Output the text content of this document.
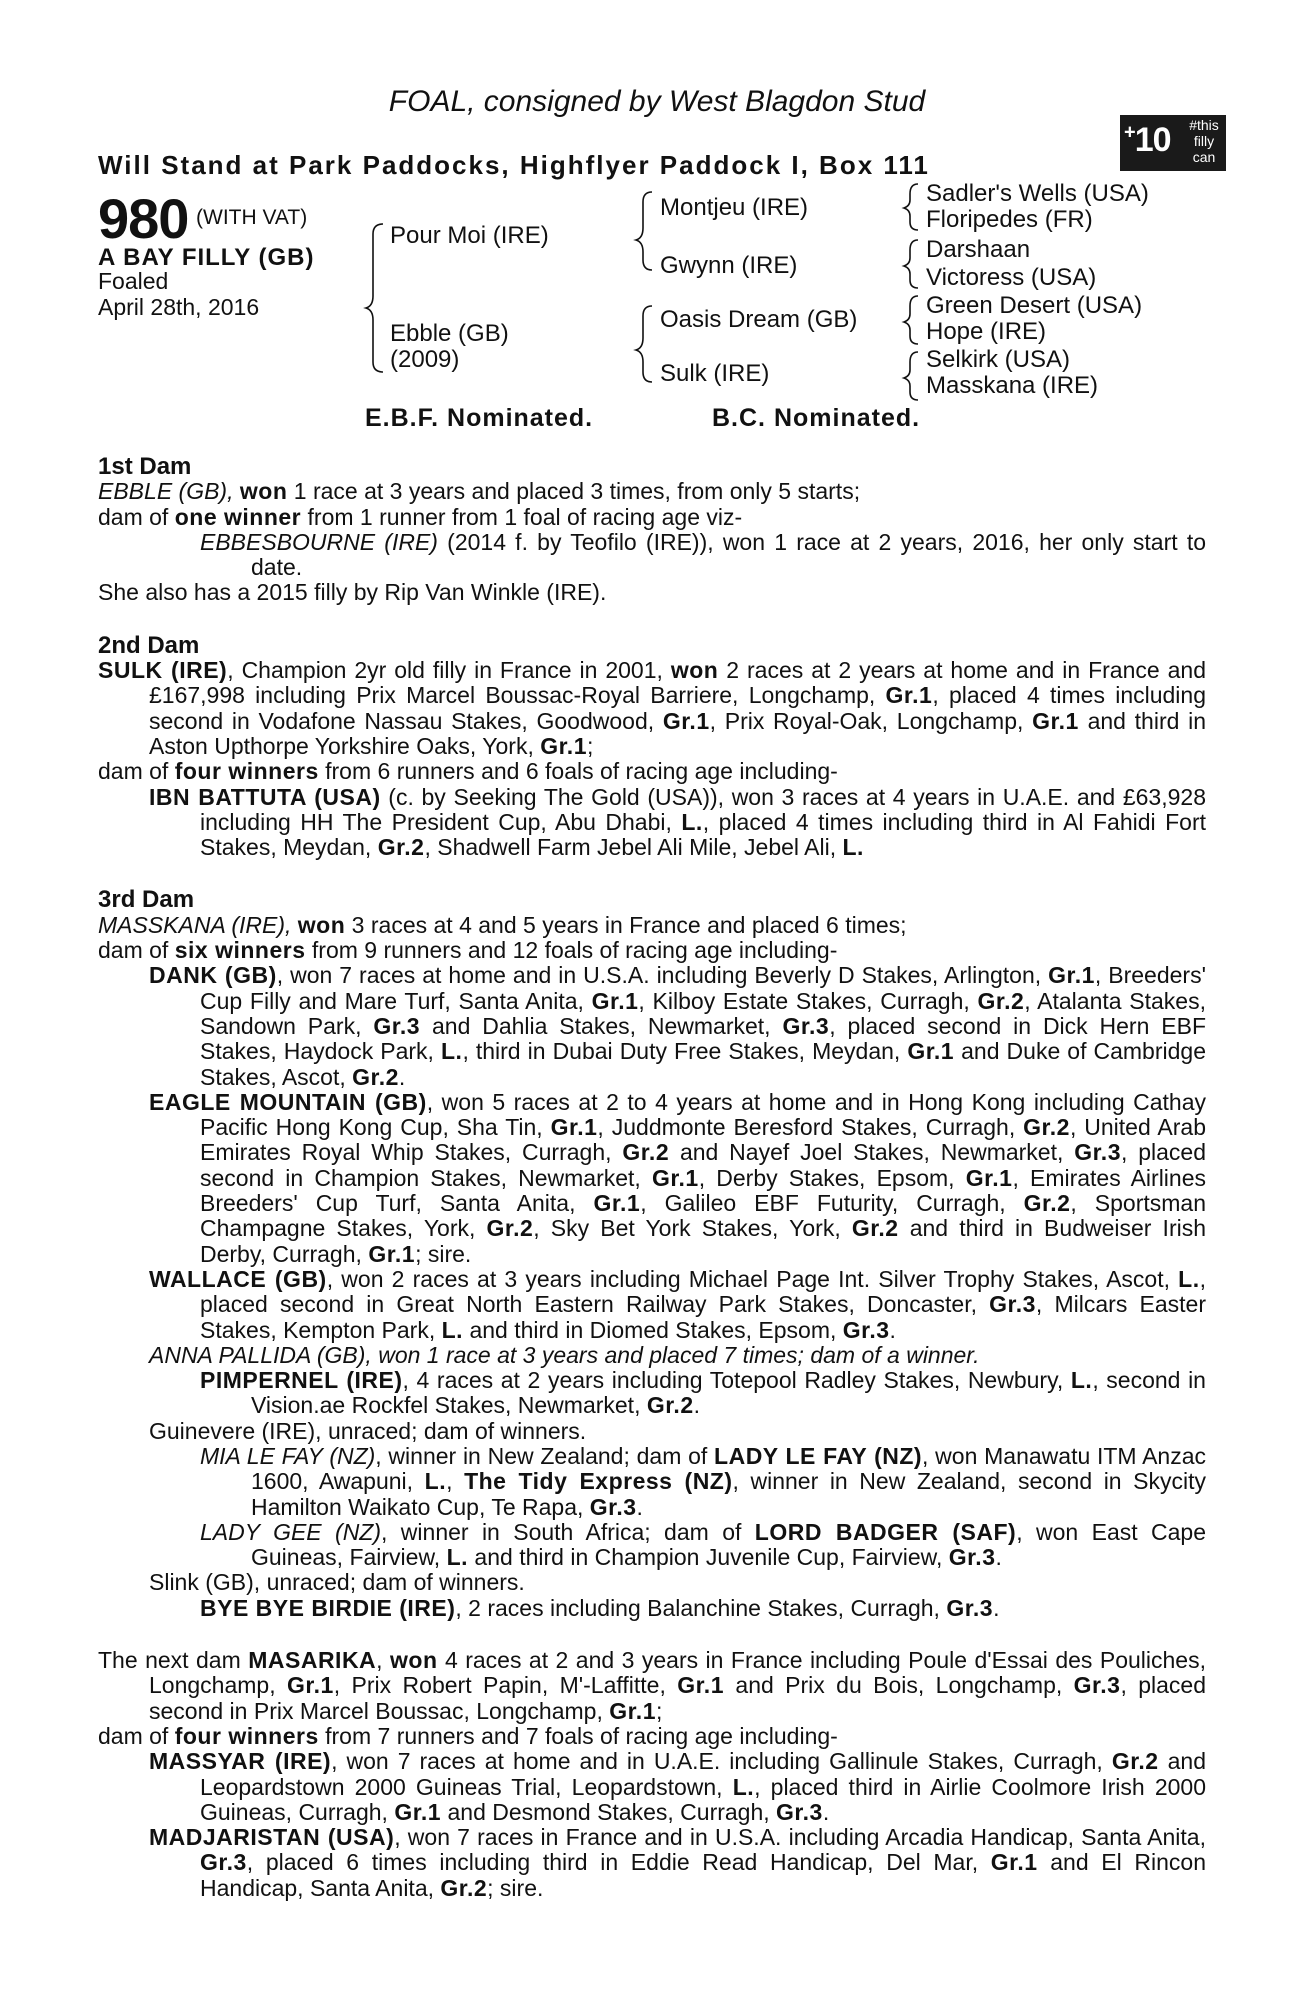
FOAL, consigned by West Blagdon Stud
Will Stand at Park Paddocks, Highflyer Paddock I, Box 111
+10	#this filly can
980 (WITH VAT)
A BAY FILLY (GB)
Foaled
April 28th, 2016
Pour Moi (IRE)
Ebble (GB)
(2009)
Montjeu (IRE)
Gwynn (IRE)
Oasis Dream (GB)
Sulk (IRE)
Sadler's Wells (USA)
Floripedes (FR)
Darshaan
Victoress (USA)
Green Desert (USA)
Hope (IRE)
Selkirk (USA)
Masskana (IRE)
E.B.F. Nominated.	B.C. Nominated.

1st Dam

EBBLE (GB), won 1 race at 3 years and placed 3 times, from only 5 starts;

dam of one winner from 1 runner from 1 foal of racing age viz-

EBBESBOURNE (IRE) (2014 f. by Teofilo (IRE)), won 1 race at 2 years, 2016, her only start to date.

She also has a 2015 filly by Rip Van Winkle (IRE).

2nd Dam

SULK (IRE), Champion 2yr old filly in France in 2001, won 2 races at 2 years at home and in France and £167,998 including Prix Marcel Boussac-Royal Barriere, Longchamp, Gr.1, placed 4 times including second in Vodafone Nassau Stakes, Goodwood, Gr.1, Prix Royal-Oak, Longchamp, Gr.1 and third in Aston Upthorpe Yorkshire Oaks, York, Gr.1;

dam of four winners from 6 runners and 6 foals of racing age including-

IBN BATTUTA (USA) (c. by Seeking The Gold (USA)), won 3 races at 4 years in U.A.E. and £63,928 including HH The President Cup, Abu Dhabi, L., placed 4 times including third in Al Fahidi Fort Stakes, Meydan, Gr.2, Shadwell Farm Jebel Ali Mile, Jebel Ali, L.

3rd Dam

MASSKANA (IRE), won 3 races at 4 and 5 years in France and placed 6 times;

dam of six winners from 9 runners and 12 foals of racing age including-

DANK (GB), won 7 races at home and in U.S.A. including Beverly D Stakes, Arlington, Gr.1, Breeders' Cup Filly and Mare Turf, Santa Anita, Gr.1, Kilboy Estate Stakes, Curragh, Gr.2, Atalanta Stakes, Sandown Park, Gr.3 and Dahlia Stakes, Newmarket, Gr.3, placed second in Dick Hern EBF Stakes, Haydock Park, L., third in Dubai Duty Free Stakes, Meydan, Gr.1 and Duke of Cambridge Stakes, Ascot, Gr.2.

EAGLE MOUNTAIN (GB), won 5 races at 2 to 4 years at home and in Hong Kong including Cathay Pacific Hong Kong Cup, Sha Tin, Gr.1, Juddmonte Beresford Stakes, Curragh, Gr.2, United Arab Emirates Royal Whip Stakes, Curragh, Gr.2 and Nayef Joel Stakes, Newmarket, Gr.3, placed second in Champion Stakes, Newmarket, Gr.1, Derby Stakes, Epsom, Gr.1, Emirates Airlines Breeders' Cup Turf, Santa Anita, Gr.1, Galileo EBF Futurity, Curragh, Gr.2, Sportsman Champagne Stakes, York, Gr.2, Sky Bet York Stakes, York, Gr.2 and third in Budweiser Irish Derby, Curragh, Gr.1; sire.

WALLACE (GB), won 2 races at 3 years including Michael Page Int. Silver Trophy Stakes, Ascot, L., placed second in Great North Eastern Railway Park Stakes, Doncaster, Gr.3, Milcars Easter Stakes, Kempton Park, L. and third in Diomed Stakes, Epsom, Gr.3.

ANNA PALLIDA (GB), won 1 race at 3 years and placed 7 times; dam of a winner.

PIMPERNEL (IRE), 4 races at 2 years including Totepool Radley Stakes, Newbury, L., second in Vision.ae Rockfel Stakes, Newmarket, Gr.2.

Guinevere (IRE), unraced; dam of winners.

MIA LE FAY (NZ), winner in New Zealand; dam of LADY LE FAY (NZ), won Manawatu ITM Anzac 1600, Awapuni, L., The Tidy Express (NZ), winner in New Zealand, second in Skycity Hamilton Waikato Cup, Te Rapa, Gr.3.

LADY GEE (NZ), winner in South Africa; dam of LORD BADGER (SAF), won East Cape Guineas, Fairview, L. and third in Champion Juvenile Cup, Fairview, Gr.3.

Slink (GB), unraced; dam of winners.

BYE BYE BIRDIE (IRE), 2 races including Balanchine Stakes, Curragh, Gr.3.

The next dam MASARIKA, won 4 races at 2 and 3 years in France including Poule d'Essai des Pouliches, Longchamp, Gr.1, Prix Robert Papin, M'-Laffitte, Gr.1 and Prix du Bois, Longchamp, Gr.3, placed second in Prix Marcel Boussac, Longchamp, Gr.1;

dam of four winners from 7 runners and 7 foals of racing age including-

MASSYAR (IRE), won 7 races at home and in U.A.E. including Gallinule Stakes, Curragh, Gr.2 and Leopardstown 2000 Guineas Trial, Leopardstown, L., placed third in Airlie Coolmore Irish 2000 Guineas, Curragh, Gr.1 and Desmond Stakes, Curragh, Gr.3.

MADJARISTAN (USA), won 7 races in France and in U.S.A. including Arcadia Handicap, Santa Anita, Gr.3, placed 6 times including third in Eddie Read Handicap, Del Mar, Gr.1 and El Rincon Handicap, Santa Anita, Gr.2; sire.
